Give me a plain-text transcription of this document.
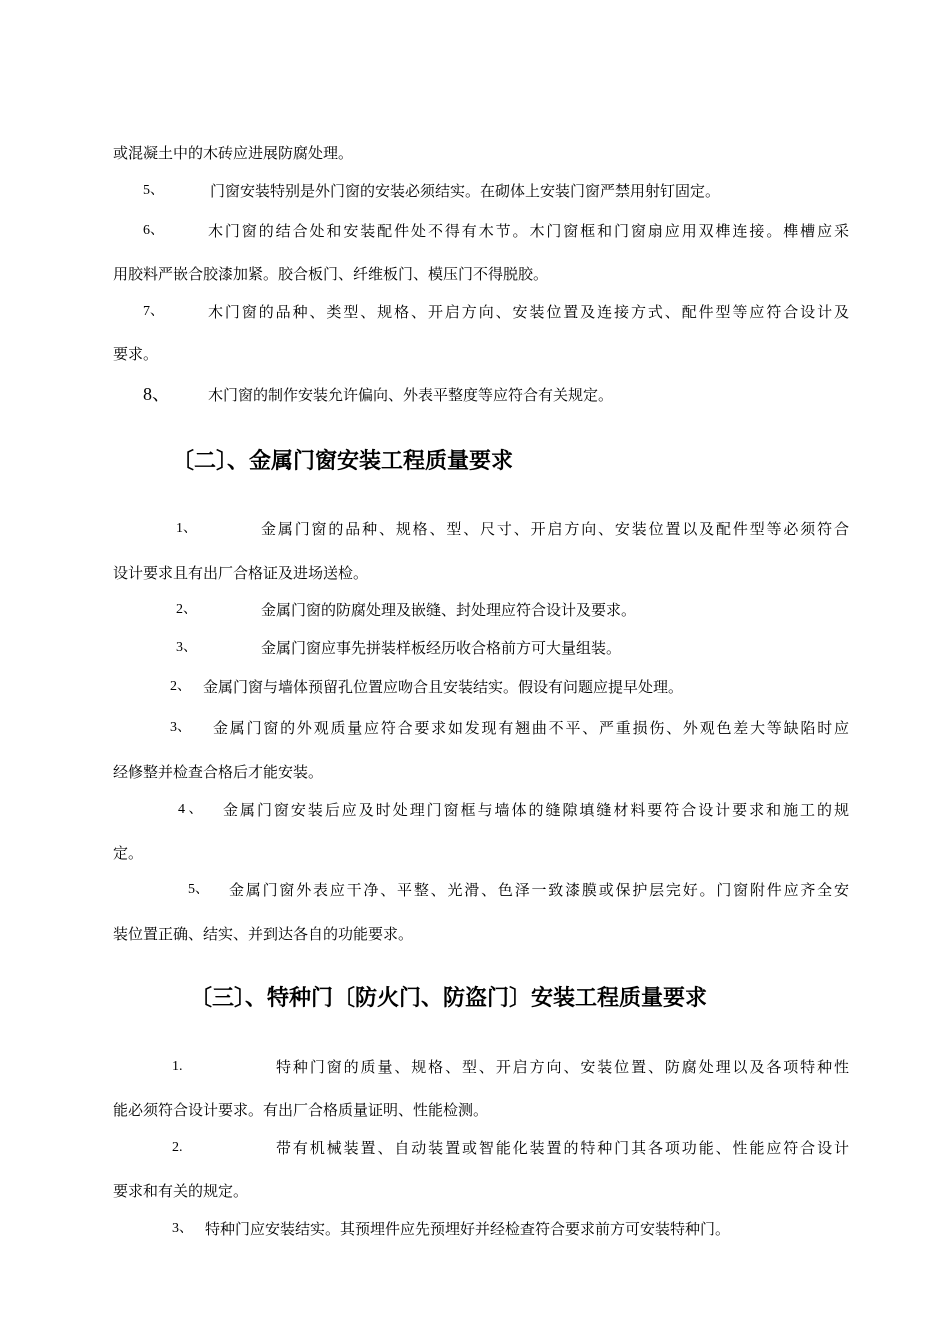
或混凝土中的木砖应进展防腐处理。
5、	门窗安装特别是外门窗的安装必须结实。在砌体上安装门窗严禁用射钉固定。
6、	木门窗的结合处和安装配件处不得有木节。木门窗框和门窗扇应用双榫连接。榫槽应采
用胶料严嵌合胶漆加紧。胶合板门、纤维板门、模压门不得脱胶。
7、	木门窗的品种、类型、规格、开启方向、安装位置及连接方式、配件型等应符合设计及
要求。
8、	木门窗的制作安装允许偏向、外表平整度等应符合有关规定。
〔二〕、金属门窗安装工程质量要求
1、	金属门窗的品种、规格、型、尺寸、开启方向、安装位置以及配件型等必须符合
设计要求且有出厂合格证及进场送检。
2、	金属门窗的防腐处理及嵌缝、封处理应符合设计及要求。
3、	金属门窗应事先拼装样板经历收合格前方可大量组装。
2、 金属门窗与墙体预留孔位置应吻合且安装结实。假设有问题应提早处理。
3、 金属门窗的外观质量应符合要求如发现有翘曲不平、严重损伤、外观色差大等缺陷时应
经修整并检查合格后才能安装。
4 、 金属门窗安装后应及时处理门窗框与墙体的缝隙填缝材料要符合设计要求和施工的规
定。
5、 金属门窗外表应干净、平整、光滑、色泽一致漆膜或保护层完好。门窗附件应齐全安
装位置正确、结实、并到达各自的功能要求。
〔三〕、特种门〔防火门、防盗门〕安装工程质量要求
1.	特种门窗的质量、规格、型、开启方向、安装位置、防腐处理以及各项特种性
能必须符合设计要求。有出厂合格质量证明、性能检测。
2.	带有机械装置、自动装置或智能化装置的特种门其各项功能、性能应符合设计
要求和有关的规定。
3、 特种门应安装结实。其预埋件应先预埋好并经检查符合要求前方可安装特种门。
